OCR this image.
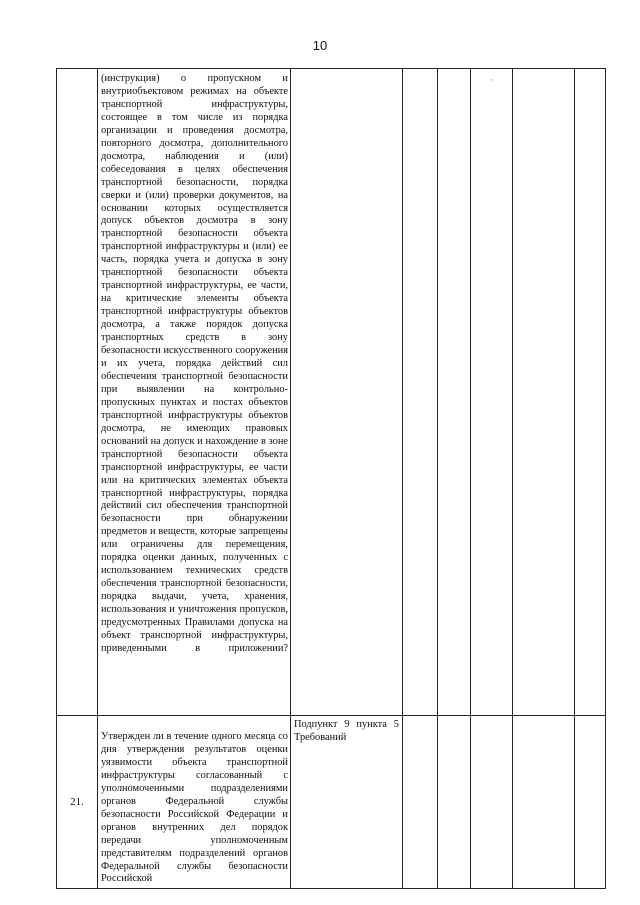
10

	(инструкция) о пропускном и внутриобъектовом режимах на объекте транспортной инфраструктуры, состоящее в том числе из порядка организации и проведения досмотра, повторного досмотра, дополнительного досмотра, наблюдения и (или) собеседования в целях обеспечения транспортной безопасности, порядка сверки и (или) проверки документов, на основании которых осуществляется допуск объектов досмотра в зону транспортной безопасности объекта транспортной инфраструктуры и (или) ее часть, порядка учета и допуска в зону транспортной безопасности объекта транспортной инфраструктуры, ее части, на критические элементы объекта транспортной инфраструктуры объектов досмотра, а также порядок допуска транспортных средств в зону безопасности искусственного сооружения и их учета, порядка действий сил обеспечения транспортной безопасности при выявлении на контрольно-пропускных пунктах и постах объектов транспортной инфраструктуры объектов досмотра, не имеющих правовых оснований на допуск и нахождение в зоне транспортной безопасности объекта транспортной инфраструктуры, ее части или на критических элементах объекта транспортной инфраструктуры, порядка действий сил обеспечения транспортной безопасности при обнаружении предметов и веществ, которые запрещены или ограничены для перемещения, порядка оценки данных, полученных с использованием технических средств обеспечения транспортной безопасности, порядка выдачи, учета, хранения, использования и уничтожения пропусков, предусмотренных Правилами допуска на объект транспортной инфраструктуры, приведенными в приложении?				·		

21.	Утвержден ли в течение одного месяца со дня утверждения результатов оценки уязвимости объекта транспортной инфраструктуры согласованный с уполномоченными подразделениями органов Федеральной службы безопасности Российской Федерации и органов внутренних дел порядок передачи уполномоченным представителям подразделений органов Федеральной службы безопасности Российской	Подпункт 9 пункта 5 Требований					
